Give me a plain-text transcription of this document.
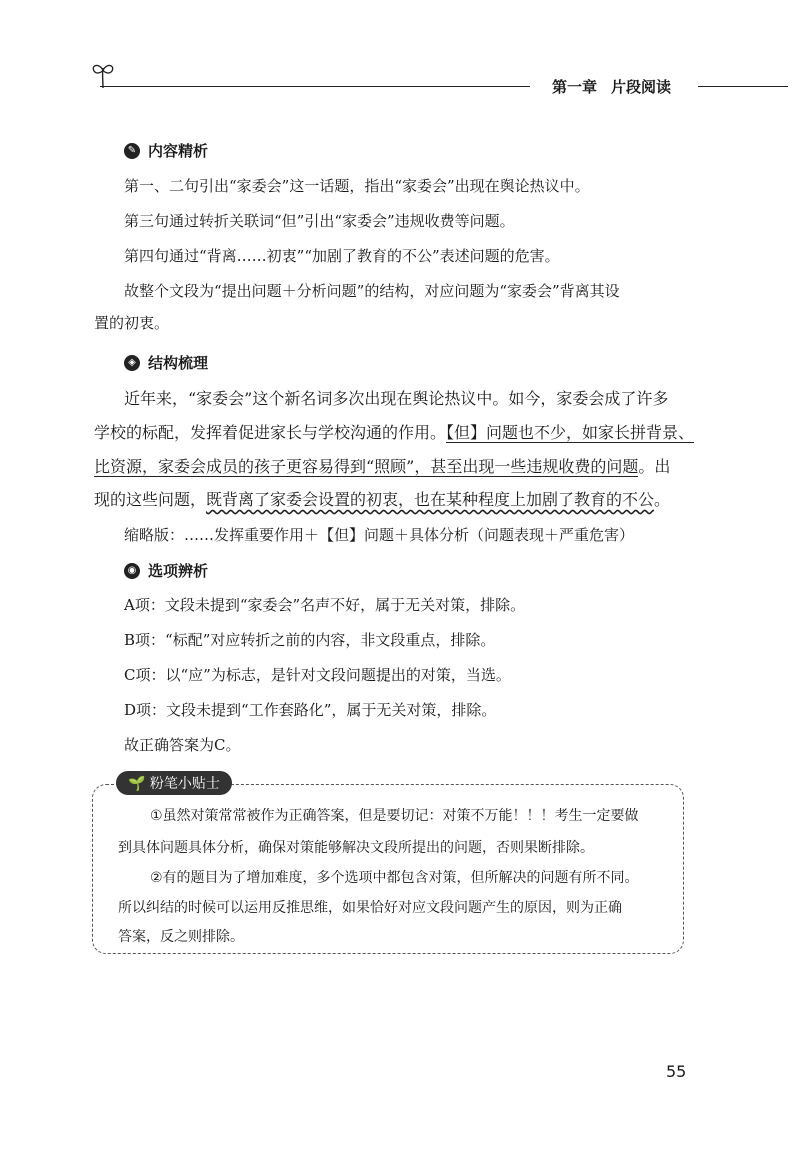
第一章 片段阅读
✎ 内容精析
第一、二句引出“家委会”这一话题，指出“家委会”出现在舆论热议中。
第三句通过转折关联词“但”引出“家委会”违规收费等问题。
第四句通过“背离……初衷”“加剧了教育的不公”表述问题的危害。
故整个文段为“提出问题＋分析问题”的结构，对应问题为“家委会”背离其设
置的初衷。
◈ 结构梳理
近年来，“家委会”这个新名词多次出现在舆论热议中。如今，家委会成了许多
学校的标配，发挥着促进家长与学校沟通的作用。【但】问题也不少，如家长拼背景、
比资源，家委会成员的孩子更容易得到“照顾”，甚至出现一些违规收费的问题。出
现的这些问题，既背离了家委会设置的初衷，也在某种程度上加剧了教育的不公。
缩略版：……发挥重要作用＋【但】问题＋具体分析（问题表现＋严重危害）
◉ 选项辨析
A项：文段未提到“家委会”名声不好，属于无关对策，排除。
B项：“标配”对应转折之前的内容，非文段重点，排除。
C项：以“应”为标志，是针对文段问题提出的对策，当选。
D项：文段未提到“工作套路化”，属于无关对策，排除。
故正确答案为C。
🌱 粉笔小贴士
①虽然对策常常被作为正确答案，但是要切记：对策不万能！！！考生一定要做
到具体问题具体分析，确保对策能够解决文段所提出的问题，否则果断排除。
②有的题目为了增加难度，多个选项中都包含对策，但所解决的问题有所不同。
所以纠结的时候可以运用反推思维，如果恰好对应文段问题产生的原因，则为正确
答案，反之则排除。
55
